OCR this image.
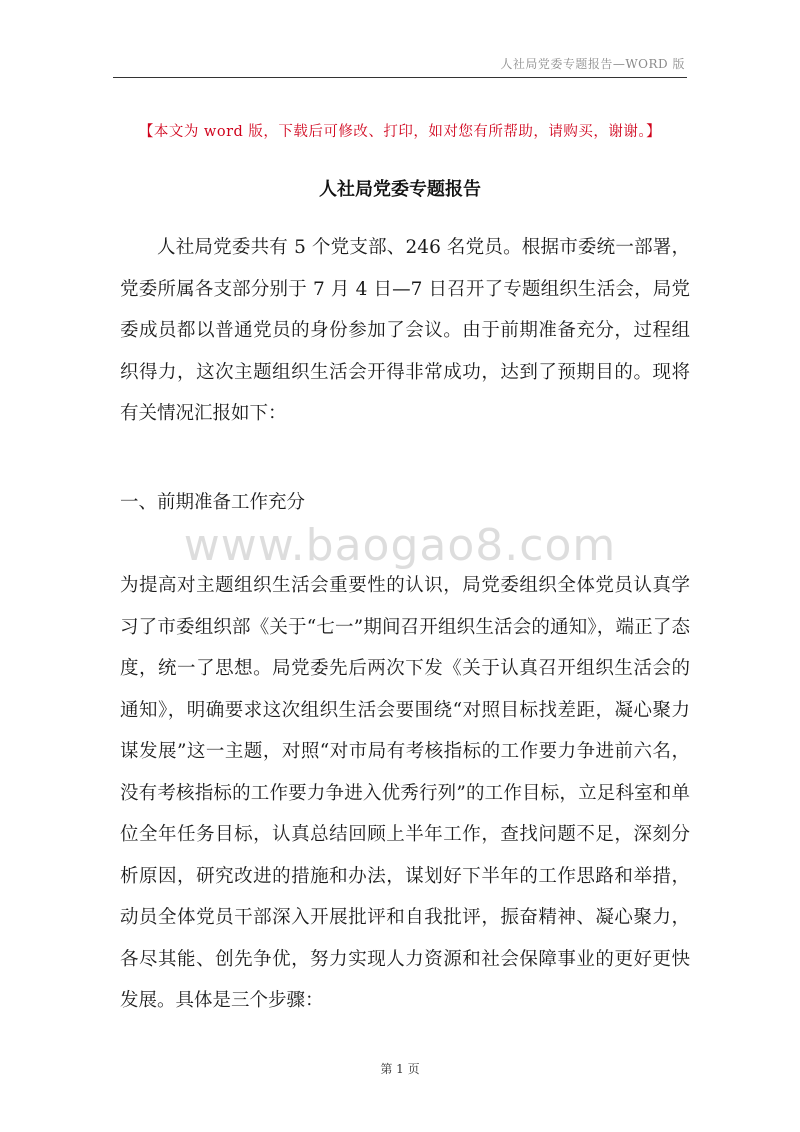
人社局党委专题报告—WORD 版
【本文为 word 版，下载后可修改、打印，如对您有所帮助，请购买，谢谢。】
人社局党委专题报告

人社局党委共有 5 个党支部、246 名党员。根据市委统一部署，党委所属各支部分别于 7 月 4 日—7 日召开了专题组织生活会，局党委成员都以普通党员的身份参加了会议。由于前期准备充分，过程组织得力，这次主题组织生活会开得非常成功，达到了预期目的。现将有关情况汇报如下：

一、前期准备工作充分

www.baogao8.com

为提高对主题组织生活会重要性的认识，局党委组织全体党员认真学习了市委组织部《关于“七一”期间召开组织生活会的通知》，端正了态度，统一了思想。局党委先后两次下发《关于认真召开组织生活会的通知》，明确要求这次组织生活会要围绕“对照目标找差距，凝心聚力谋发展”这一主题，对照“对市局有考核指标的工作要力争进前六名，没有考核指标的工作要力争进入优秀行列”的工作目标，立足科室和单位全年任务目标，认真总结回顾上半年工作，查找问题不足，深刻分析原因，研究改进的措施和办法，谋划好下半年的工作思路和举措，动员全体党员干部深入开展批评和自我批评，振奋精神、凝心聚力，各尽其能、创先争优，努力实现人力资源和社会保障事业的更好更快发展。具体是三个步骤：

第 1 页
